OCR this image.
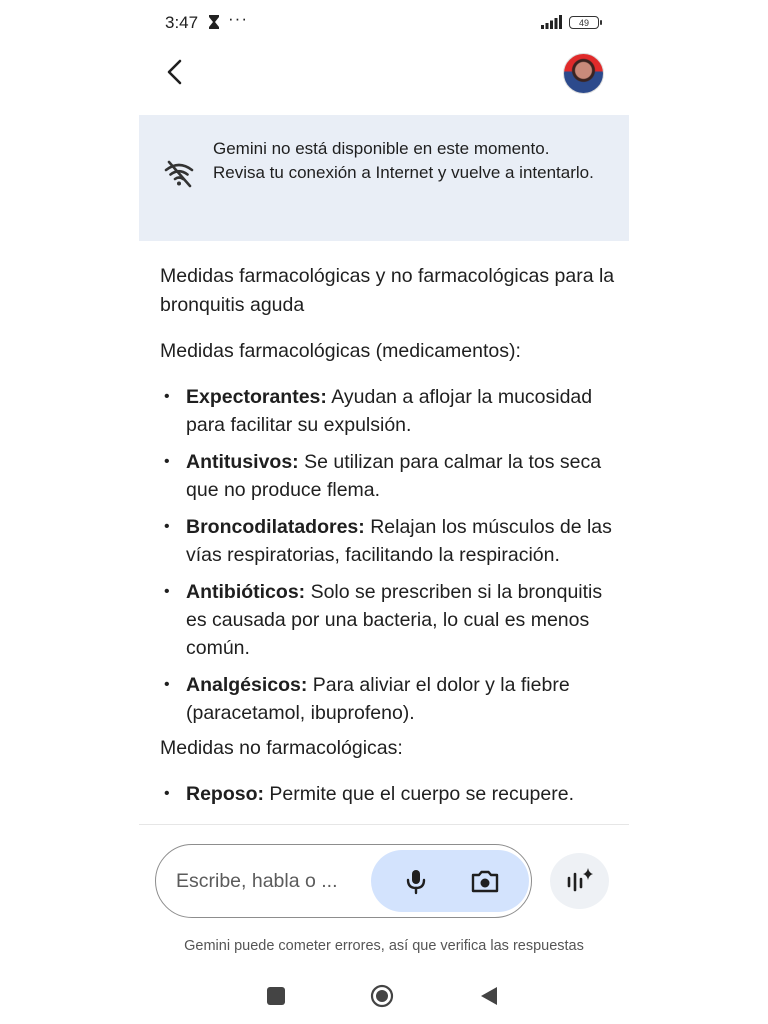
3:47 ···	49
Gemini no está disponible en este momento. Revisa tu conexión a Internet y vuelve a intentarlo.
Medidas farmacológicas y no farmacológicas para la bronquitis aguda
Medidas farmacológicas (medicamentos):
• Expectorantes: Ayudan a aflojar la mucosidad para facilitar su expulsión.
• Antitusivos: Se utilizan para calmar la tos seca que no produce flema.
• Broncodilatadores: Relajan los músculos de las vías respiratorias, facilitando la respiración.
• Antibióticos: Solo se prescriben si la bronquitis es causada por una bacteria, lo cual es menos común.
• Analgésicos: Para aliviar el dolor y la fiebre (paracetamol, ibuprofeno).
Medidas no farmacológicas:
• Reposo: Permite que el cuerpo se recupere.
Escribe, habla o ...
Gemini puede cometer errores, así que verifica las respuestas
